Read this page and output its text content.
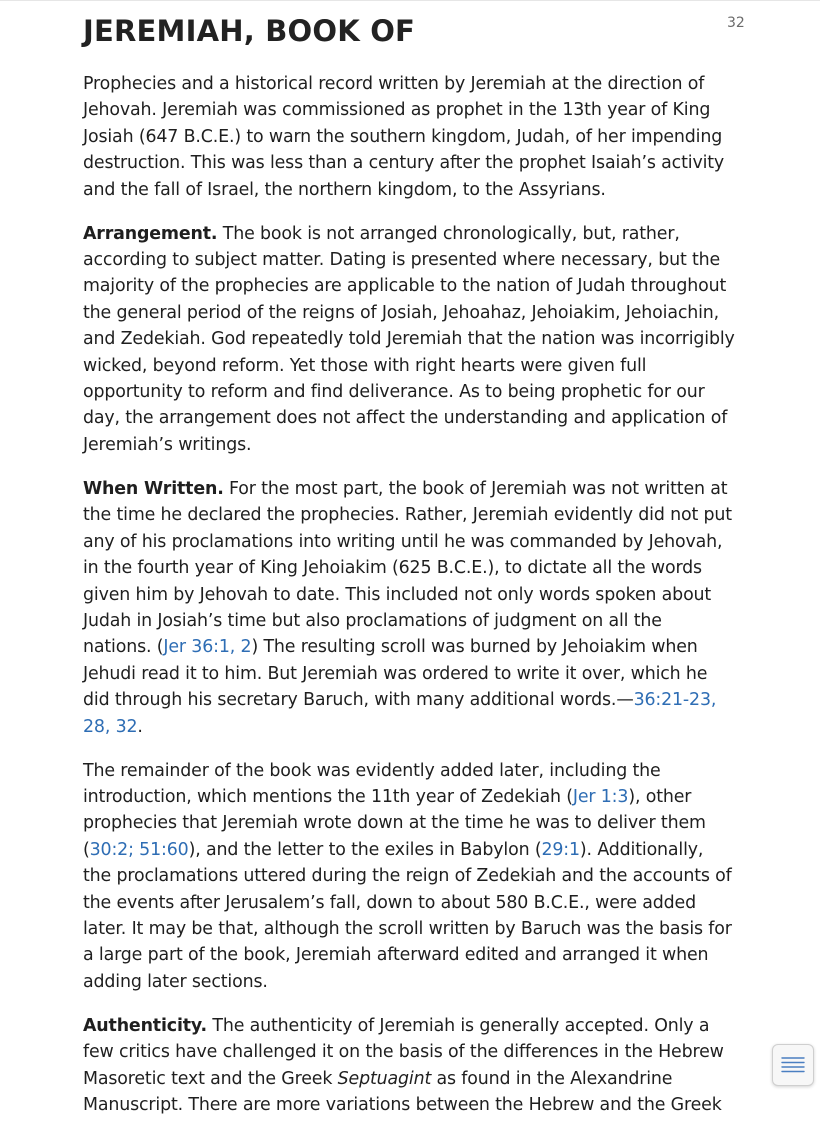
32
JEREMIAH, BOOK OF

Prophecies and a historical record written by Jeremiah at the direction of Jehovah. Jeremiah was commissioned as prophet in the 13th year of King Josiah (647 B.C.E.) to warn the southern kingdom, Judah, of her impending destruction. This was less than a century after the prophet Isaiah’s activity and the fall of Israel, the northern kingdom, to the Assyrians.

Arrangement. The book is not arranged chronologically, but, rather, according to subject matter. Dating is presented where necessary, but the majority of the prophecies are applicable to the nation of Judah throughout the general period of the reigns of Josiah, Jehoahaz, Jehoiakim, Jehoiachin, and Zedekiah. God repeatedly told Jeremiah that the nation was incorrigibly wicked, beyond reform. Yet those with right hearts were given full opportunity to reform and find deliverance. As to being prophetic for our day, the arrangement does not affect the understanding and application of Jeremiah’s writings.

When Written. For the most part, the book of Jeremiah was not written at the time he declared the prophecies. Rather, Jeremiah evidently did not put any of his proclamations into writing until he was commanded by Jehovah, in the fourth year of King Jehoiakim (625 B.C.E.), to dictate all the words given him by Jehovah to date. This included not only words spoken about Judah in Josiah’s time but also proclamations of judgment on all the nations. (Jer 36:1, 2) The resulting scroll was burned by Jehoiakim when Jehudi read it to him. But Jeremiah was ordered to write it over, which he did through his secretary Baruch, with many additional words.—36:21-23, 28, 32.

The remainder of the book was evidently added later, including the introduction, which mentions the 11th year of Zedekiah (Jer 1:3), other prophecies that Jeremiah wrote down at the time he was to deliver them (30:2; 51:60), and the letter to the exiles in Babylon (29:1). Additionally, the proclamations uttered during the reign of Zedekiah and the accounts of the events after Jerusalem’s fall, down to about 580 B.C.E., were added later. It may be that, although the scroll written by Baruch was the basis for a large part of the book, Jeremiah afterward edited and arranged it when adding later sections.

Authenticity. The authenticity of Jeremiah is generally accepted. Only a few critics have challenged it on the basis of the differences in the Hebrew Masoretic text and the Greek Septuagint as found in the Alexandrine Manuscript. There are more variations between the Hebrew and the Greek
